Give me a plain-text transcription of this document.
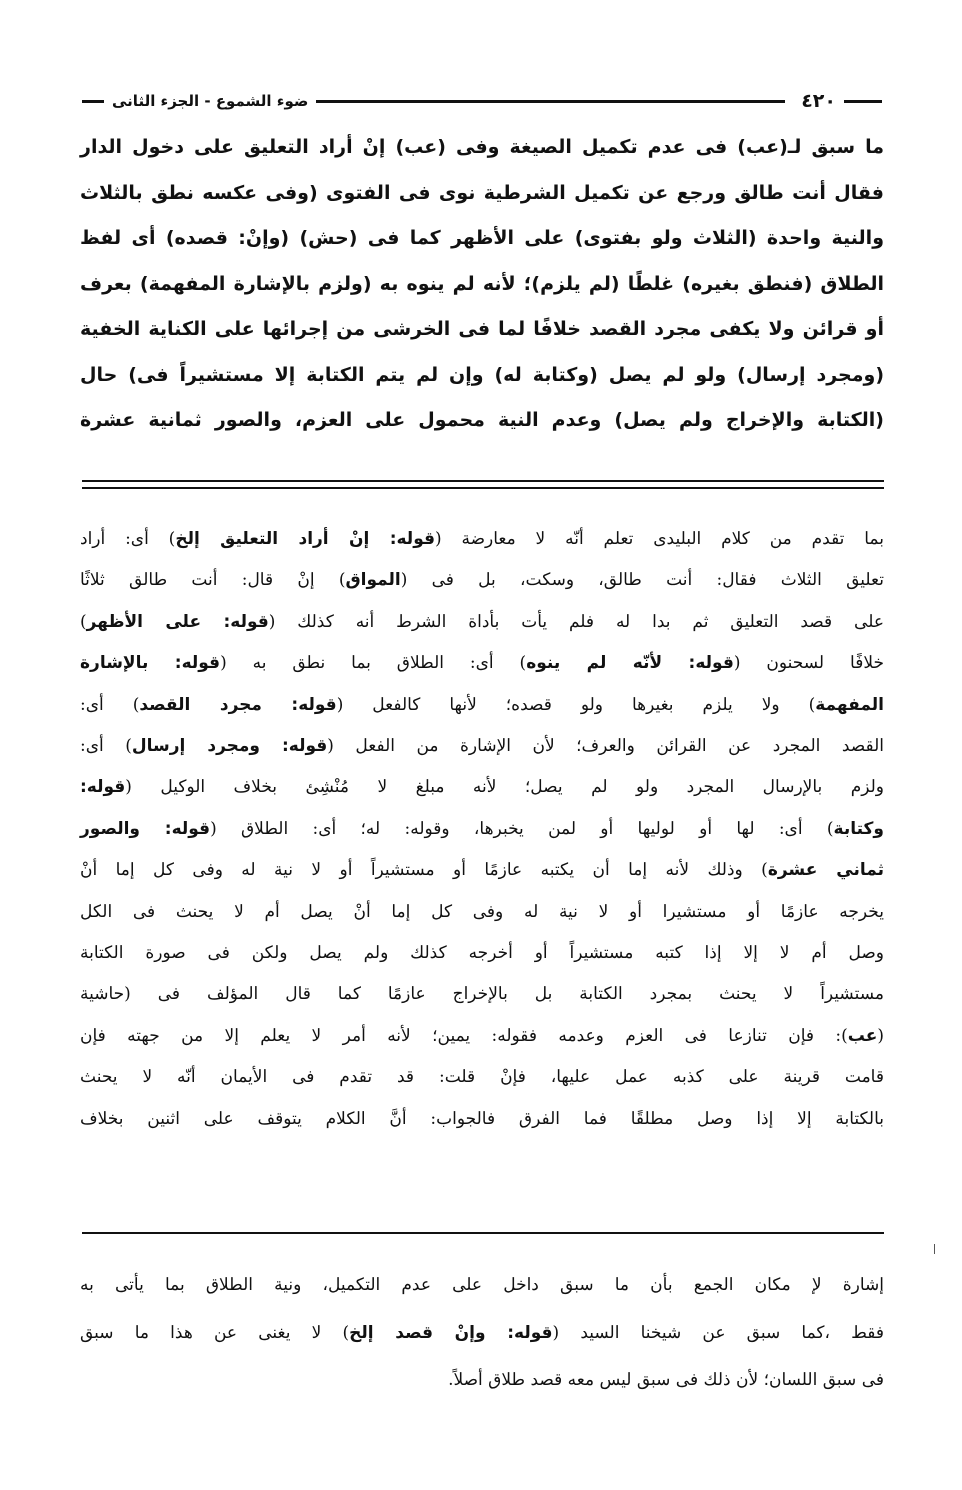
٤٢٠
ضوء الشموع - الجزء الثانى

ما سبق لـ(عب) فى عدم تكميل الصيغة وفى (عب) إنْ أراد التعليق على دخول الدار

فقال أنت طالق ورجع عن تكميل الشرطية نوى فى الفتوى (وفى عكسه نطق بالثلاث

والنية واحدة (الثلاث ولو بفتوى) على الأظهر كما فى (حش) (وإنْ: قصده) أى لفظ

الطلاق (فنطق بغيره) غلطًا (لم يلزم)؛ لأنه لم ينوه به (ولزم بالإشارة المفهمة) بعرف

أو قرائن ولا يكفى مجرد القصد خلافًا لما فى الخرشى من إجرائها على الكناية الخفية

(ومجرد إرسال) ولو لم يصل (وكتابة له) وإن لم يتم الكتابة إلا مستشيراً فى) حال

(الكتابة والإخراج ولم يصل) وعدم النية محمول على العزم، والصور ثمانية عشرة

بما تقدم من كلام البليدى تعلم أنّه لا معارضة (قوله: إنْ أراد التعليق إلخ) أى: أراد

تعليق الثلاث فقال: أنت طالق، وسكت، بل فى (المواق) إنْ قال: أنت طالق ثلاثًا

على قصد التعليق ثم بدا له فلم يأت بأداة الشرط أنه كذلك (قوله: على الأظهر)

خلافًا لسحنون (قوله: لأنّه لم ينوه) أى: الطلاق بما نطق به (قوله: بالإشارة

المفهمة) ولا يلزم بغيرها ولو قصده؛ لأنها كالفعل (قوله: مجرد القصد) أى:

القصد المجرد عن القرائن والعرف؛ لأن الإشارة من الفعل (قوله: ومجرد إرسال) أى:

ولزم بالإرسال المجرد ولو لم يصل؛ لأنه مبلغ لا مُنْشِئ بخلاف الوكيل (قوله:

وكتابة) أى: لها أو لوليها أو لمن يخبرها، وقوله: له؛ أى: الطلاق (قوله: والصور

ثماني عشرة) وذلك لأنه إما أن يكتبه عازمًا أو مستشيراً أو لا نية له وفى كل إما أنْ

يخرجه عازمًا أو مستشيرا أو لا نية له وفى كل إما أنْ يصل أم لا يحنث فى الكل

وصل أم لا إلا إذا كتبه مستشيراً أو أخرجه كذلك ولم يصل ولكن فى صورة الكتابة

مستشيراً لا يحنث بمجرد الكتابة بل بالإخراج عازمًا كما قال المؤلف فى (حاشية

(عب): فإن تنازعا فى العزم وعدمه فقوله: يمين؛ لأنه أمر لا يعلم إلا من جهته فإن

قامت قرينة على كذبه عمل عليها، فإنْ قلت: قد تقدم فى الأيمان أنّه لا يحنث

بالكتابة إلا إذا وصل مطلقًا فما الفرق فالجواب: أنَّ الكلام يتوقف على اثنين بخلاف

إشارة لإ مكان الجمع بأن ما سبق داخل على عدم التكميل، ونية الطلاق بما يأتى به

فقط ،كما سبق عن شيخنا السيد (قوله: وإنْ قصد إلخ) لا يغنى عن هذا ما سبق

فى سبق اللسان؛ لأن ذلك فى سبق ليس معه قصد طلاق أصلاً.
